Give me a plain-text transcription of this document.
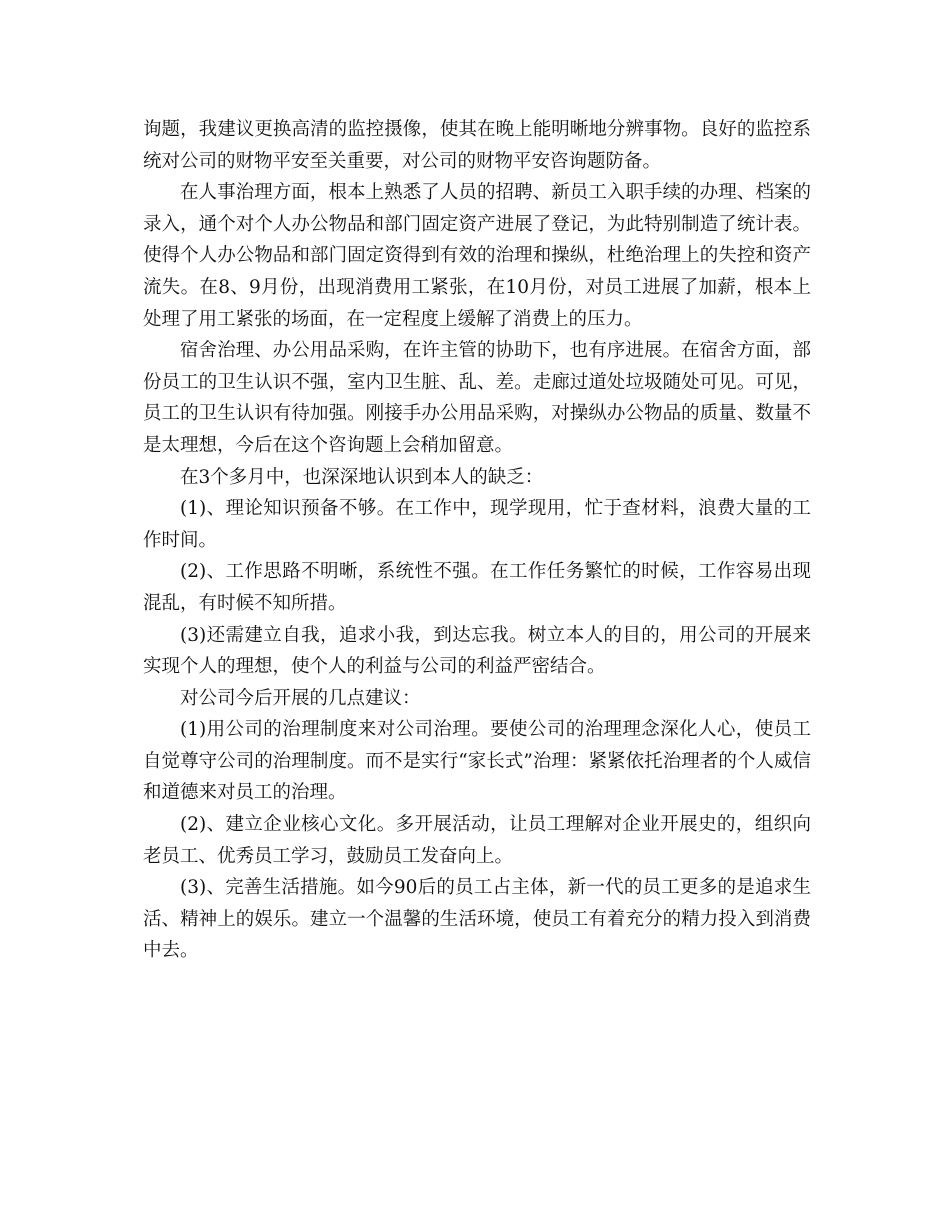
询题，我建议更换高清的监控摄像，使其在晚上能明晰地分辨事物。良好的监控系统对公司的财物平安至关重要，对公司的财物平安咨询题防备。

在人事治理方面，根本上熟悉了人员的招聘、新员工入职手续的办理、档案的录入，通个对个人办公物品和部门固定资产进展了登记，为此特别制造了统计表。使得个人办公物品和部门固定资得到有效的治理和操纵，杜绝治理上的失控和资产流失。在8、9月份，出现消费用工紧张，在10月份，对员工进展了加薪，根本上处理了用工紧张的场面，在一定程度上缓解了消费上的压力。

宿舍治理、办公用品采购，在许主管的协助下，也有序进展。在宿舍方面，部份员工的卫生认识不强，室内卫生脏、乱、差。走廊过道处垃圾随处可见。可见，员工的卫生认识有待加强。刚接手办公用品采购，对操纵办公物品的质量、数量不是太理想，今后在这个咨询题上会稍加留意。

在3个多月中，也深深地认识到本人的缺乏：

(1)、理论知识预备不够。在工作中，现学现用，忙于查材料，浪费大量的工作时间。

(2)、工作思路不明晰，系统性不强。在工作任务繁忙的时候，工作容易出现混乱，有时候不知所措。

(3)还需建立自我，追求小我，到达忘我。树立本人的目的，用公司的开展来实现个人的理想，使个人的利益与公司的利益严密结合。

对公司今后开展的几点建议：

(1)用公司的治理制度来对公司治理。要使公司的治理理念深化人心，使员工自觉尊守公司的治理制度。而不是实行“家长式”治理：紧紧依托治理者的个人威信和道德来对员工的治理。

(2)、建立企业核心文化。多开展活动，让员工理解对企业开展史的，组织向老员工、优秀员工学习，鼓励员工发奋向上。

(3)、完善生活措施。如今90后的员工占主体，新一代的员工更多的是追求生活、精神上的娱乐。建立一个温馨的生活环境，使员工有着充分的精力投入到消费中去。
